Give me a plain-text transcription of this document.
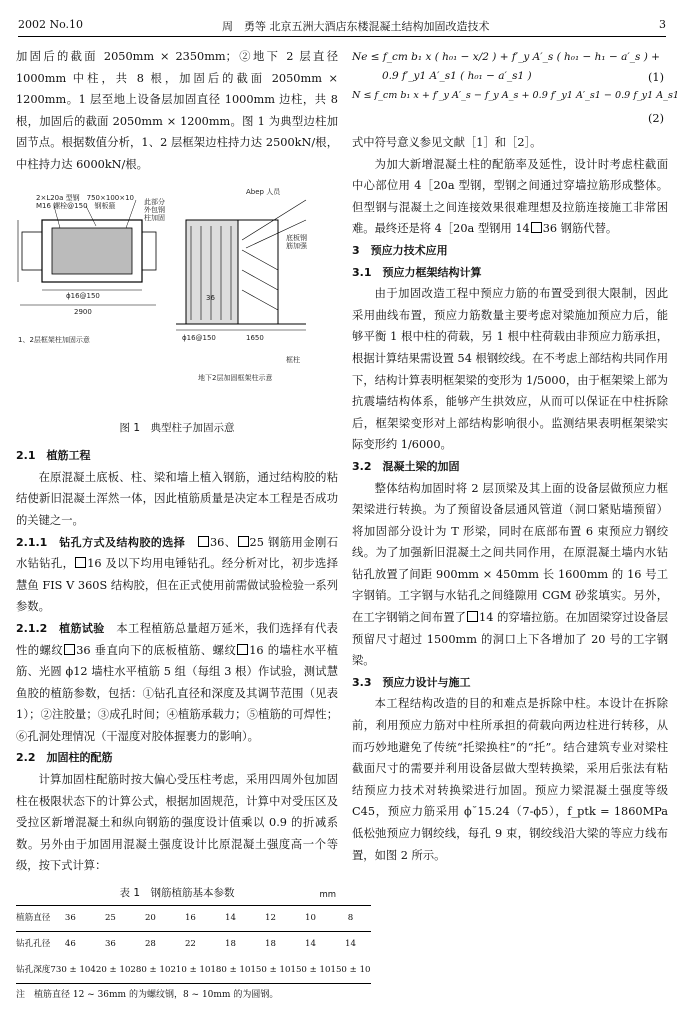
2002 No.10	周　勇等 北京五洲大酒店东楼混凝土结构加固改造技术	3

加固后的截面 2050mm × 2350mm；②地下 2 层直径 1000mm 中柱，共 8 根，加固后的截面 2050mm × 1200mm。1 层至地上设备层加固直径 1000mm 边柱，共 8 根，加固后的截面 2050mm × 1200mm。图 1 为典型边柱加固节点。根据数值分析，1、2 层框架边柱持力达 2500kN/根，中柱持力达 6000kN/根。

2×L20a 型钢　750×100×10
M16 螺栓@150　钢板箍	此部分
外包钢
柱加固
ϕ16@150
2900
1、2层框架柱加固示意
Abep 人员
底板钢
筋加强
36
ϕ16@150	1650
框柱
地下2层加固框架柱示意
图 1　典型柱子加固示意

2.1　植筋工程

在原混凝土底板、柱、梁和墙上植入钢筋，通过结构胶的粘结使新旧混凝土浑然一体，因此植筋质量是决定本工程是否成功的关键之一。

2.1.1　钻孔方式及结构胶的选择　 36、 25 钢筋用金刚石水钻钻孔， 16 及以下均用电锤钻孔。经分析对比，初步选择慧鱼 FIS V 360S 结构胶，但在正式使用前需做试验检验一系列参数。

2.1.2　植筋试验　 本工程植筋总量超万延米，我们选择有代表性的螺纹 36 垂直向下的底板植筋、螺纹 16 的墙柱水平植筋、光圆 ϕ12 墙柱水平植筋 5 组（每组 3 根）作试验，测试慧鱼胶的植筋参数，包括：①钻孔直径和深度及其调节范围（见表 1）；②注胶量；③成孔时间；④植筋承载力；⑤植筋的可焊性；⑥孔洞处理情况（干湿度对胶体握裹力的影响）。

2.2　加固柱的配筋

计算加固柱配筋时按大偏心受压柱考虑，采用四周外包加固柱在极限状态下的计算公式，根据加固规范，计算中对受压区及受拉区新增混凝土和纵向钢筋的强度设计值乘以 0.9 的折减系数。另外由于加固用混凝土强度设计比原混凝土强度高一个等级，按下式计算：

表 1　钢筋植筋基本参数	mm
植筋直径	36	25	20	16	14	12	10	8
钻孔孔径	46	36	28	22	18	18	14	14
钻孔深度	730 ± 10	420 ± 10	280 ± 10	210 ± 10	180 ± 10	150 ± 10	150 ± 10	150 ± 10
注　植筋直径 12 ~ 36mm 的为螺纹钢，8 ~ 10mm 的为圆钢。
Ne ≤ f_cm b₁ x ( h₀₁ − x/2 ) + f′_y A′_s ( h₀₁ − h₁ − a′_s ) +
0.9 f′_y1 A′_s1 ( h₀₁ − a′_s1 )	(1)
N ≤ f_cm b₁ x + f′_y A′_s − f_y A_s + 0.9 f′_y1 A′_s1 − 0.9 f_y1 A_s1
(2)

式中符号意义参见文献［1］和［2］。

为加大新增混凝土柱的配筋率及延性，设计时考虑柱截面中心部位用 4［20a 型钢，型钢之间通过穿墙拉筋形成整体。但型钢与混凝土之间连接效果很难理想及拉筋连接施工非常困难。最终还是将 4［20a 型钢用 14 36 钢筋代替。

3　预应力技术应用

3.1　预应力框架结构计算

由于加固改造工程中预应力筋的布置受到很大限制，因此采用曲线布置，预应力筋数量主要考虑对梁施加预应力后，能够平衡 1 根中柱的荷载，另 1 根中柱荷载由非预应力筋承担，根据计算结果需设置 54 根钢绞线。在不考虑上部结构共同作用下，结构计算表明框架梁的变形为 1/5000，由于框架梁上部为抗震墙结构体系，能够产生拱效应，从而可以保证在中柱拆除后，框架梁变形对上部结构影响很小。监测结果表明框架梁实际变形约 1/6000。

3.2　混凝土梁的加固

整体结构加固时将 2 层顶梁及其上面的设备层做预应力框架梁进行转换。为了预留设备层通风管道（洞口紧贴墙预留）将加固部分设计为 T 形梁，同时在底部布置 6 束预应力钢绞线。为了加强新旧混凝土之间共同作用，在原混凝土墙内水钻钻孔放置了间距 900mm × 450mm 长 1600mm 的 16 号工字钢销。工字钢与水钻孔之间缝隙用 CGM 砂浆填实。另外，在工字钢销之间布置了 14 的穿墙拉筋。在加固梁穿过设备层预留尺寸超过 1500mm 的洞口上下各增加了 20 号的工字钢梁。

3.3　预应力设计与施工

本工程结构改造的目的和难点是拆除中柱。本设计在拆除前，利用预应力筋对中柱所承担的荷载向两边柱进行转移，从而巧妙地避免了传统“托梁换柱”的“托”。结合建筑专业对梁柱截面尺寸的需要并利用设备层做大型转换梁，采用后张法有粘结预应力技术对转换梁进行加固。预应力梁混凝土强度等级 C45，预应力筋采用 ϕ˘15.24（7-ϕ5），f_ptk = 1860MPa 低松弛预应力钢绞线，每孔 9 束，钢绞线沿大梁的等应力线布置，如图 2 所示。
